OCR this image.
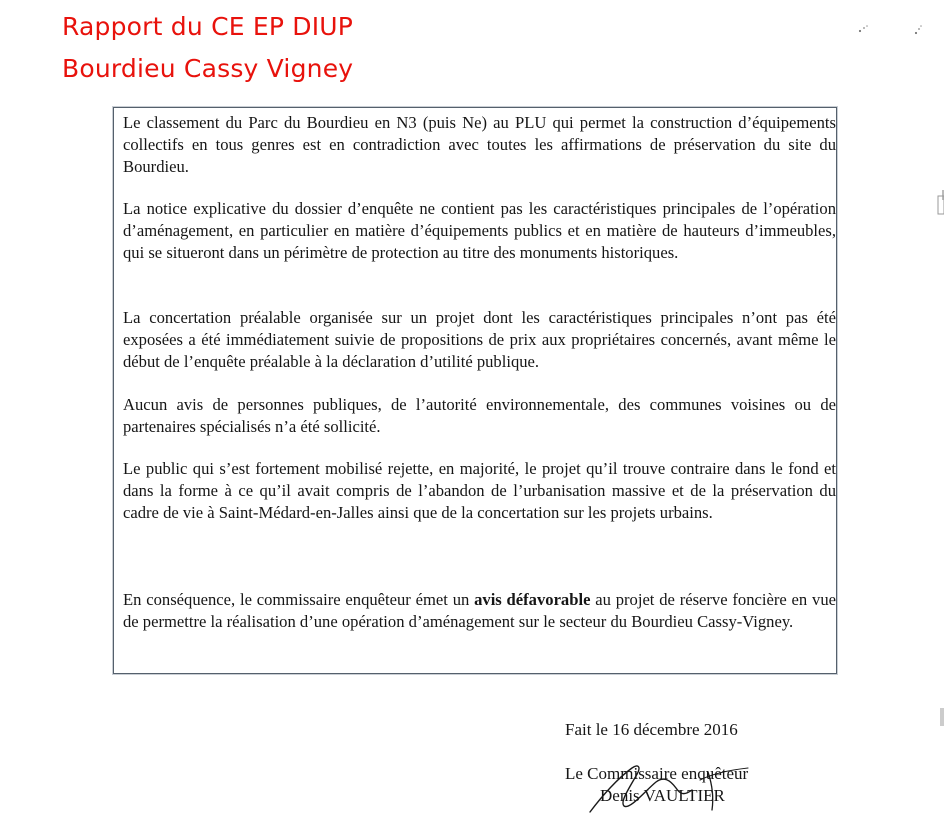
Rapport du CE EP DIUP
Bourdieu Cassy Vigney

Le classement du Parc du Bourdieu en N3 (puis Ne) au PLU qui permet la construction d’équipements collectifs en tous genres est en contradiction avec toutes les affirmations de préservation du site du Bourdieu.

La notice explicative du dossier d’enquête ne contient pas les caractéristiques principales de l’opération d’aménagement, en particulier en matière d’équipements publics et en matière de hauteurs d’immeubles, qui se situeront dans un périmètre de protection au titre des monuments historiques.

La concertation préalable organisée sur un projet dont les caractéristiques principales n’ont pas été exposées a été immédiatement suivie de propositions de prix aux propriétaires concernés, avant même le début de l’enquête préalable à la déclaration d’utilité publique.

Aucun avis de personnes publiques, de l’autorité environnementale, des communes voisines ou de partenaires spécialisés n’a été sollicité.

Le public qui s’est fortement mobilisé rejette, en majorité, le projet qu’il trouve contraire dans le fond et dans la forme à ce qu’il avait compris de l’abandon de l’urbanisation massive et de la préservation du cadre de vie à Saint-Médard-en-Jalles ainsi que de la concertation sur les projets urbains.

En conséquence, le commissaire enquêteur émet un avis défavorable au projet de réserve foncière en vue de permettre la réalisation d’une opération d’aménagement sur le secteur du Bourdieu Cassy-Vigney.

Fait le 16 décembre 2016
Le Commissaire enquêteur
Denis VAULTIER
